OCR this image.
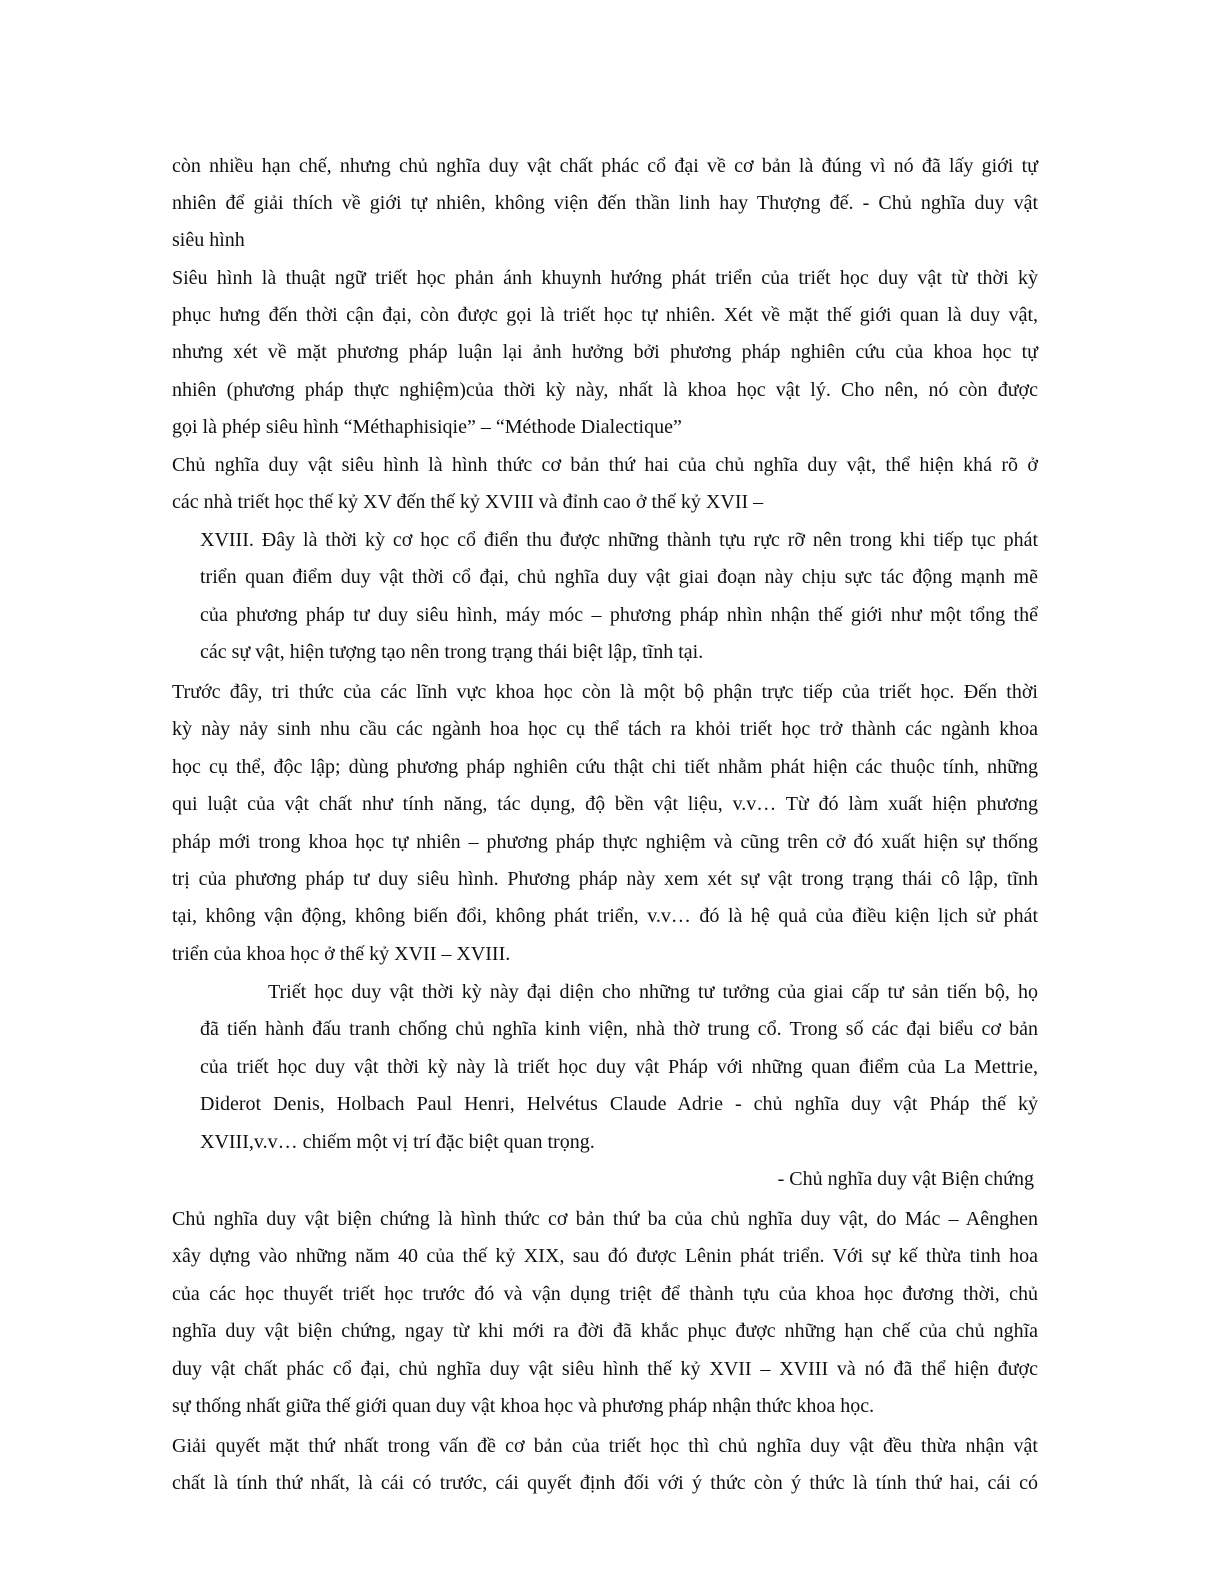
còn nhiều hạn chế, nhưng chủ nghĩa duy vật chất phác cổ đại về cơ bản là đúng vì nó đã lấy giới tự
nhiên để giải thích về giới tự nhiên, không viện đến thần linh hay Thượng đế. - Chủ nghĩa duy vật
siêu hình
Siêu hình là thuật ngữ triết học phản ánh khuynh hướng phát triển của triết học duy vật từ thời kỳ
phục hưng đến thời cận đại, còn được gọi là triết học tự nhiên. Xét về mặt thế giới quan là duy vật,
nhưng xét về mặt phương pháp luận lại ảnh hưởng bởi phương pháp nghiên cứu của khoa học tự
nhiên (phương pháp thực nghiệm)của thời kỳ này, nhất là khoa học vật lý. Cho nên, nó còn được
gọi là phép siêu hình “Méthaphisiqie” – “Méthode Dialectique”
Chủ nghĩa duy vật siêu hình là hình thức cơ bản thứ hai của chủ nghĩa duy vật, thể hiện khá rõ ở
các nhà triết học thế kỷ XV đến thế kỷ XVIII và đỉnh cao ở thế kỷ XVII –
XVIII. Đây là thời kỳ cơ học cổ điển thu được những thành tựu rực rỡ nên trong khi tiếp tục phát
triển quan điểm duy vật thời cổ đại, chủ nghĩa duy vật giai đoạn này chịu sực tác động mạnh mẽ
của phương pháp tư duy siêu hình, máy móc – phương pháp nhìn nhận thế giới như một tổng thể
các sự vật, hiện tượng tạo nên trong trạng thái biệt lập, tĩnh tại.
Trước đây, tri thức của các lĩnh vực khoa học còn là một bộ phận trực tiếp của triết học. Đến thời
kỳ này nảy sinh nhu cầu các ngành hoa học cụ thể tách ra khỏi triết học trở thành các ngành khoa
học cụ thể, độc lập; dùng phương pháp nghiên cứu thật chi tiết nhằm phát hiện các thuộc tính, những
qui luật của vật chất như tính năng, tác dụng, độ bền vật liệu, v.v… Từ đó làm xuất hiện phương
pháp mới trong khoa học tự nhiên – phương pháp thực nghiệm và cũng trên cở đó xuất hiện sự thống
trị của phương pháp tư duy siêu hình. Phương pháp này xem xét sự vật trong trạng thái cô lập, tĩnh
tại, không vận động, không biến đổi, không phát triển, v.v… đó là hệ quả của điều kiện lịch sử phát
triển của khoa học ở thế kỷ XVII – XVIII.
Triết học duy vật thời kỳ này đại diện cho những tư tưởng của giai cấp tư sản tiến bộ, họ
đã tiến hành đấu tranh chống chủ nghĩa kinh viện, nhà thờ trung cổ. Trong số các đại biểu cơ bản
của triết học duy vật thời kỳ này là triết học duy vật Pháp với những quan điểm của La Mettrie,
Diderot Denis, Holbach Paul Henri, Helvétus Claude Adrie - chủ nghĩa duy vật Pháp thế kỷ
XVIII,v.v… chiếm một vị trí đặc biệt quan trọng.
- Chủ nghĩa duy vật Biện chứng
Chủ nghĩa duy vật biện chứng là hình thức cơ bản thứ ba của chủ nghĩa duy vật, do Mác – Aênghen
xây dựng vào những năm 40 của thế kỷ XIX, sau đó được Lênin phát triển. Với sự kế thừa tinh hoa
của các học thuyết triết học trước đó và vận dụng triệt để thành tựu của khoa học đương thời, chủ
nghĩa duy vật biện chứng, ngay từ khi mới ra đời đã khắc phục được những hạn chế của chủ nghĩa
duy vật chất phác cổ đại, chủ nghĩa duy vật siêu hình thế kỷ XVII – XVIII và nó đã thể hiện được
sự thống nhất giữa thế giới quan duy vật khoa học và phương pháp nhận thức khoa học.
Giải quyết mặt thứ nhất trong vấn đề cơ bản của triết học thì chủ nghĩa duy vật đều thừa nhận vật
chất là tính thứ nhất, là cái có trước, cái quyết định đối với ý thức còn ý thức là tính thứ hai, cái có
